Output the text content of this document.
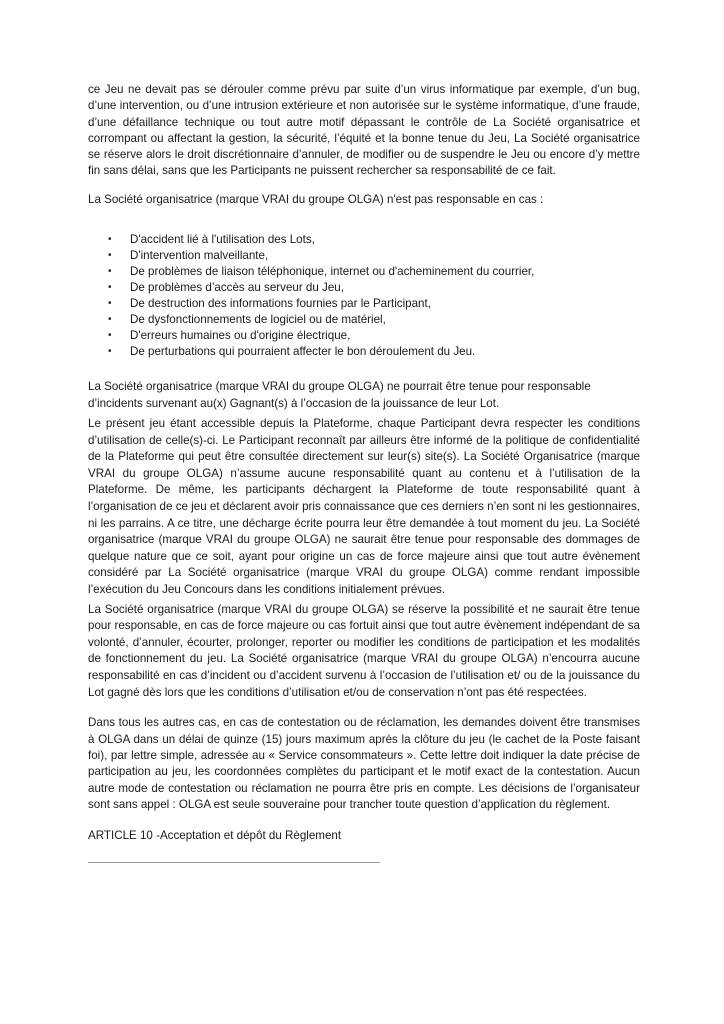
ce Jeu ne devait pas se dérouler comme prévu par suite d’un virus informatique par exemple, d’un bug, d’une intervention, ou d’une intrusion extérieure et non autorisée sur le système informatique, d’une fraude, d’une défaillance technique ou tout autre motif dépassant le contrôle de La Société organisatrice et corrompant ou affectant la gestion, la sécurité, l’équité et la bonne tenue du Jeu, La Société organisatrice se réserve alors le droit discrétionnaire d’annuler, de modifier ou de suspendre le Jeu ou encore d’y mettre fin sans délai, sans que les Participants ne puissent rechercher sa responsabilité de ce fait.

La Société organisatrice (marque VRAI du groupe OLGA) n'est pas responsable en cas :

• D'accident lié à l'utilisation des Lots,
• D'intervention malveillante,
• De problèmes de liaison téléphonique, internet ou d'acheminement du courrier,
• De problèmes d’accès au serveur du Jeu,
• De destruction des informations fournies par le Participant,
• De dysfonctionnements de logiciel ou de matériel,
• D'erreurs humaines ou d'origine électrique,
• De perturbations qui pourraient affecter le bon déroulement du Jeu.

La Société organisatrice (marque VRAI du groupe OLGA) ne pourrait être tenue pour responsable d’incidents survenant au(x) Gagnant(s) à l’occasion de la jouissance de leur Lot.

Le présent jeu étant accessible depuis la Plateforme, chaque Participant devra respecter les conditions d’utilisation de celle(s)-ci. Le Participant reconnaît par ailleurs être informé de la politique de confidentialité de la Plateforme qui peut être consultée directement sur leur(s) site(s). La Société Organisatrice (marque VRAI du groupe OLGA) n’assume aucune responsabilité quant au contenu et à l’utilisation de la Plateforme. De même, les participants déchargent la Plateforme de toute responsabilité quant à l’organisation de ce jeu et déclarent avoir pris connaissance que ces derniers n’en sont ni les gestionnaires, ni les parrains. A ce titre, une décharge écrite pourra leur être demandée à tout moment du jeu. La Société organisatrice (marque VRAI du groupe OLGA) ne saurait être tenue pour responsable des dommages de quelque nature que ce soit, ayant pour origine un cas de force majeure ainsi que tout autre évènement considéré par La Société organisatrice (marque VRAI du groupe OLGA) comme rendant impossible l’exécution du Jeu Concours dans les conditions initialement prévues.

La Société organisatrice (marque VRAI du groupe OLGA) se réserve la possibilité et ne saurait être tenue pour responsable, en cas de force majeure ou cas fortuit ainsi que tout autre évènement indépendant de sa volonté, d’annuler, écourter, prolonger, reporter ou modifier les conditions de participation et les modalités de fonctionnement du jeu. La Société organisatrice (marque VRAI du groupe OLGA) n’encourra aucune responsabilité en cas d’incident ou d’accident survenu à l’occasion de l’utilisation et/ ou de la jouissance du Lot gagné dès lors que les conditions d’utilisation et/ou de conservation n’ont pas été respectées.

Dans tous les autres cas, en cas de contestation ou de réclamation, les demandes doivent être transmises à OLGA dans un délai de quinze (15) jours maximum après la clôture du jeu (le cachet de la Poste faisant foi), par lettre simple, adressée au « Service consommateurs ». Cette lettre doit indiquer la date précise de participation au jeu, les coordonnées complètes du participant et le motif exact de la contestation. Aucun autre mode de contestation ou réclamation ne pourra être pris en compte. Les décisions de l’organisateur sont sans appel : OLGA est seule souveraine pour trancher toute question d’application du règlement.

ARTICLE 10 -Acceptation et dépôt du Règlement
